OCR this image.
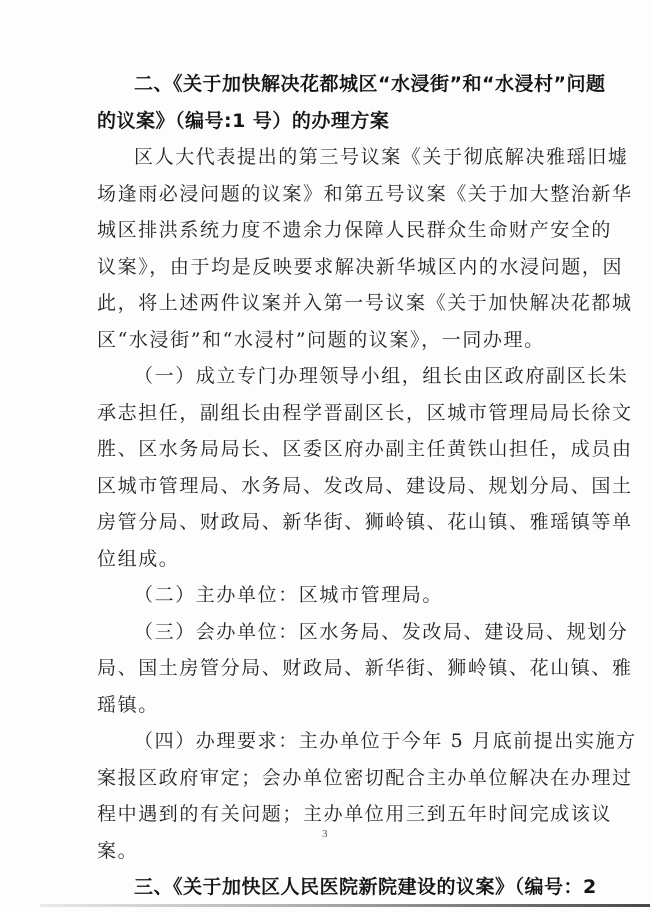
二、《关于加快解决花都城区“水浸街”和“水浸村”问题
的议案》（编号:1 号）的办理方案
区人大代表提出的第三号议案《关于彻底解决雅瑶旧墟
场逢雨必浸问题的议案》和第五号议案《关于加大整治新华
城区排洪系统力度不遗余力保障人民群众生命财产安全的
议案》，由于均是反映要求解决新华城区内的水浸问题，因
此，将上述两件议案并入第一号议案《关于加快解决花都城
区“水浸街”和“水浸村”问题的议案》，一同办理。
（一）成立专门办理领导小组，组长由区政府副区长朱
承志担任，副组长由程学晋副区长，区城市管理局局长徐文
胜、区水务局局长、区委区府办副主任黄铁山担任，成员由
区城市管理局、水务局、发改局、建设局、规划分局、国土
房管分局、财政局、新华街、狮岭镇、花山镇、雅瑶镇等单
位组成。
（二）主办单位：区城市管理局。
（三）会办单位：区水务局、发改局、建设局、规划分
局、国土房管分局、财政局、新华街、狮岭镇、花山镇、雅
瑶镇。
（四）办理要求：主办单位于今年 5 月底前提出实施方
案报区政府审定；会办单位密切配合主办单位解决在办理过
程中遇到的有关问题；主办单位用三到五年时间完成该议
案。
三、《关于加快区人民医院新院建设的议案》（编号：2
3
